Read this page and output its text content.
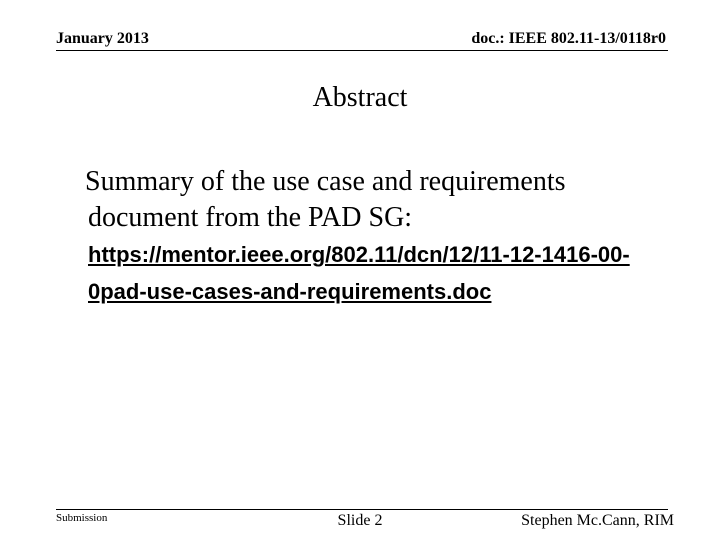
January 2013	doc.: IEEE 802.11-13/0118r0
Abstract
Summary of the use case and requirements document from the PAD SG: https://mentor.ieee.org/802.11/dcn/12/11-12-1416-00-0pad-use-cases-and-requirements.doc
Submission	Slide 2	Stephen Mc.Cann, RIM
